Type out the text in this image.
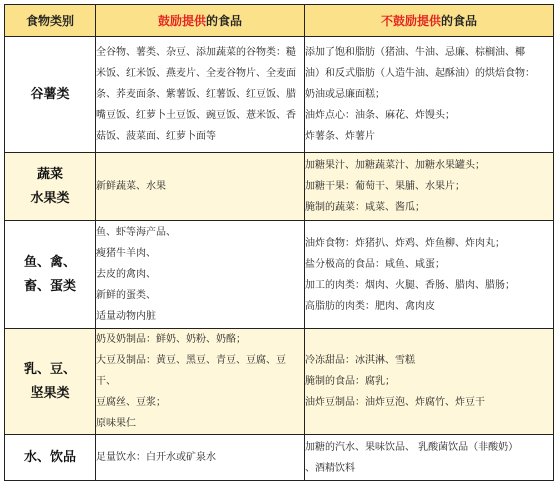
食物类别	鼓励提供的食品	不鼓励提供的食品

谷薯类	全谷物、薯类、杂豆、添加蔬菜的谷物类：糙
米饭、红米饭、燕麦片、全麦谷物片、全麦面
条、荞麦面条、紫薯饭、红薯饭、红豆饭、腊
嘴豆饭、红萝卜土豆饭、豌豆饭、薏米饭、香
菇饭、菠菜面、红萝卜面等	添加了饱和脂肪（猪油、牛油、忌廉、棕榈油、椰
油）和反式脂肪（人造牛油、起酥油）的烘焙食物：
奶油或忌廉面糕；
油炸点心：油条、麻花、炸馒头；
炸薯条、炸薯片

蔬菜
水果类	新鲜蔬菜、水果	加糖果汁、加糖蔬菜汁、加糖水果罐头；
加糖干果：葡萄干、果脯、水果片；
腌制的蔬菜：咸菜、酱瓜；

鱼、禽、
畜、蛋类	鱼、虾等海产品、
瘦猪牛羊肉、
去皮的禽肉、
新鲜的蛋类、
适量动物内脏	油炸食物：炸猪扒、炸鸡、炸鱼柳、炸肉丸；
盐分极高的食品：咸鱼、咸蛋；
加工的肉类：烟肉、火腿、香肠、腊肉、腊肠；
高脂肪的肉类：肥肉、禽肉皮

乳、豆、
坚果类	奶及奶制品：鲜奶、奶粉、奶酪；
大豆及制品：黄豆、黑豆、青豆、豆腐、豆干、
豆腐丝、豆浆；
原味果仁	冷冻甜品：冰淇淋、雪糕
腌制的食品：腐乳；
油炸豆制品：油炸豆泡、炸腐竹、炸豆干

水、饮品	足量饮水：白开水或矿泉水	加糖的汽水、果味饮品、 乳酸菌饮品（非酸奶）
、酒精饮料
